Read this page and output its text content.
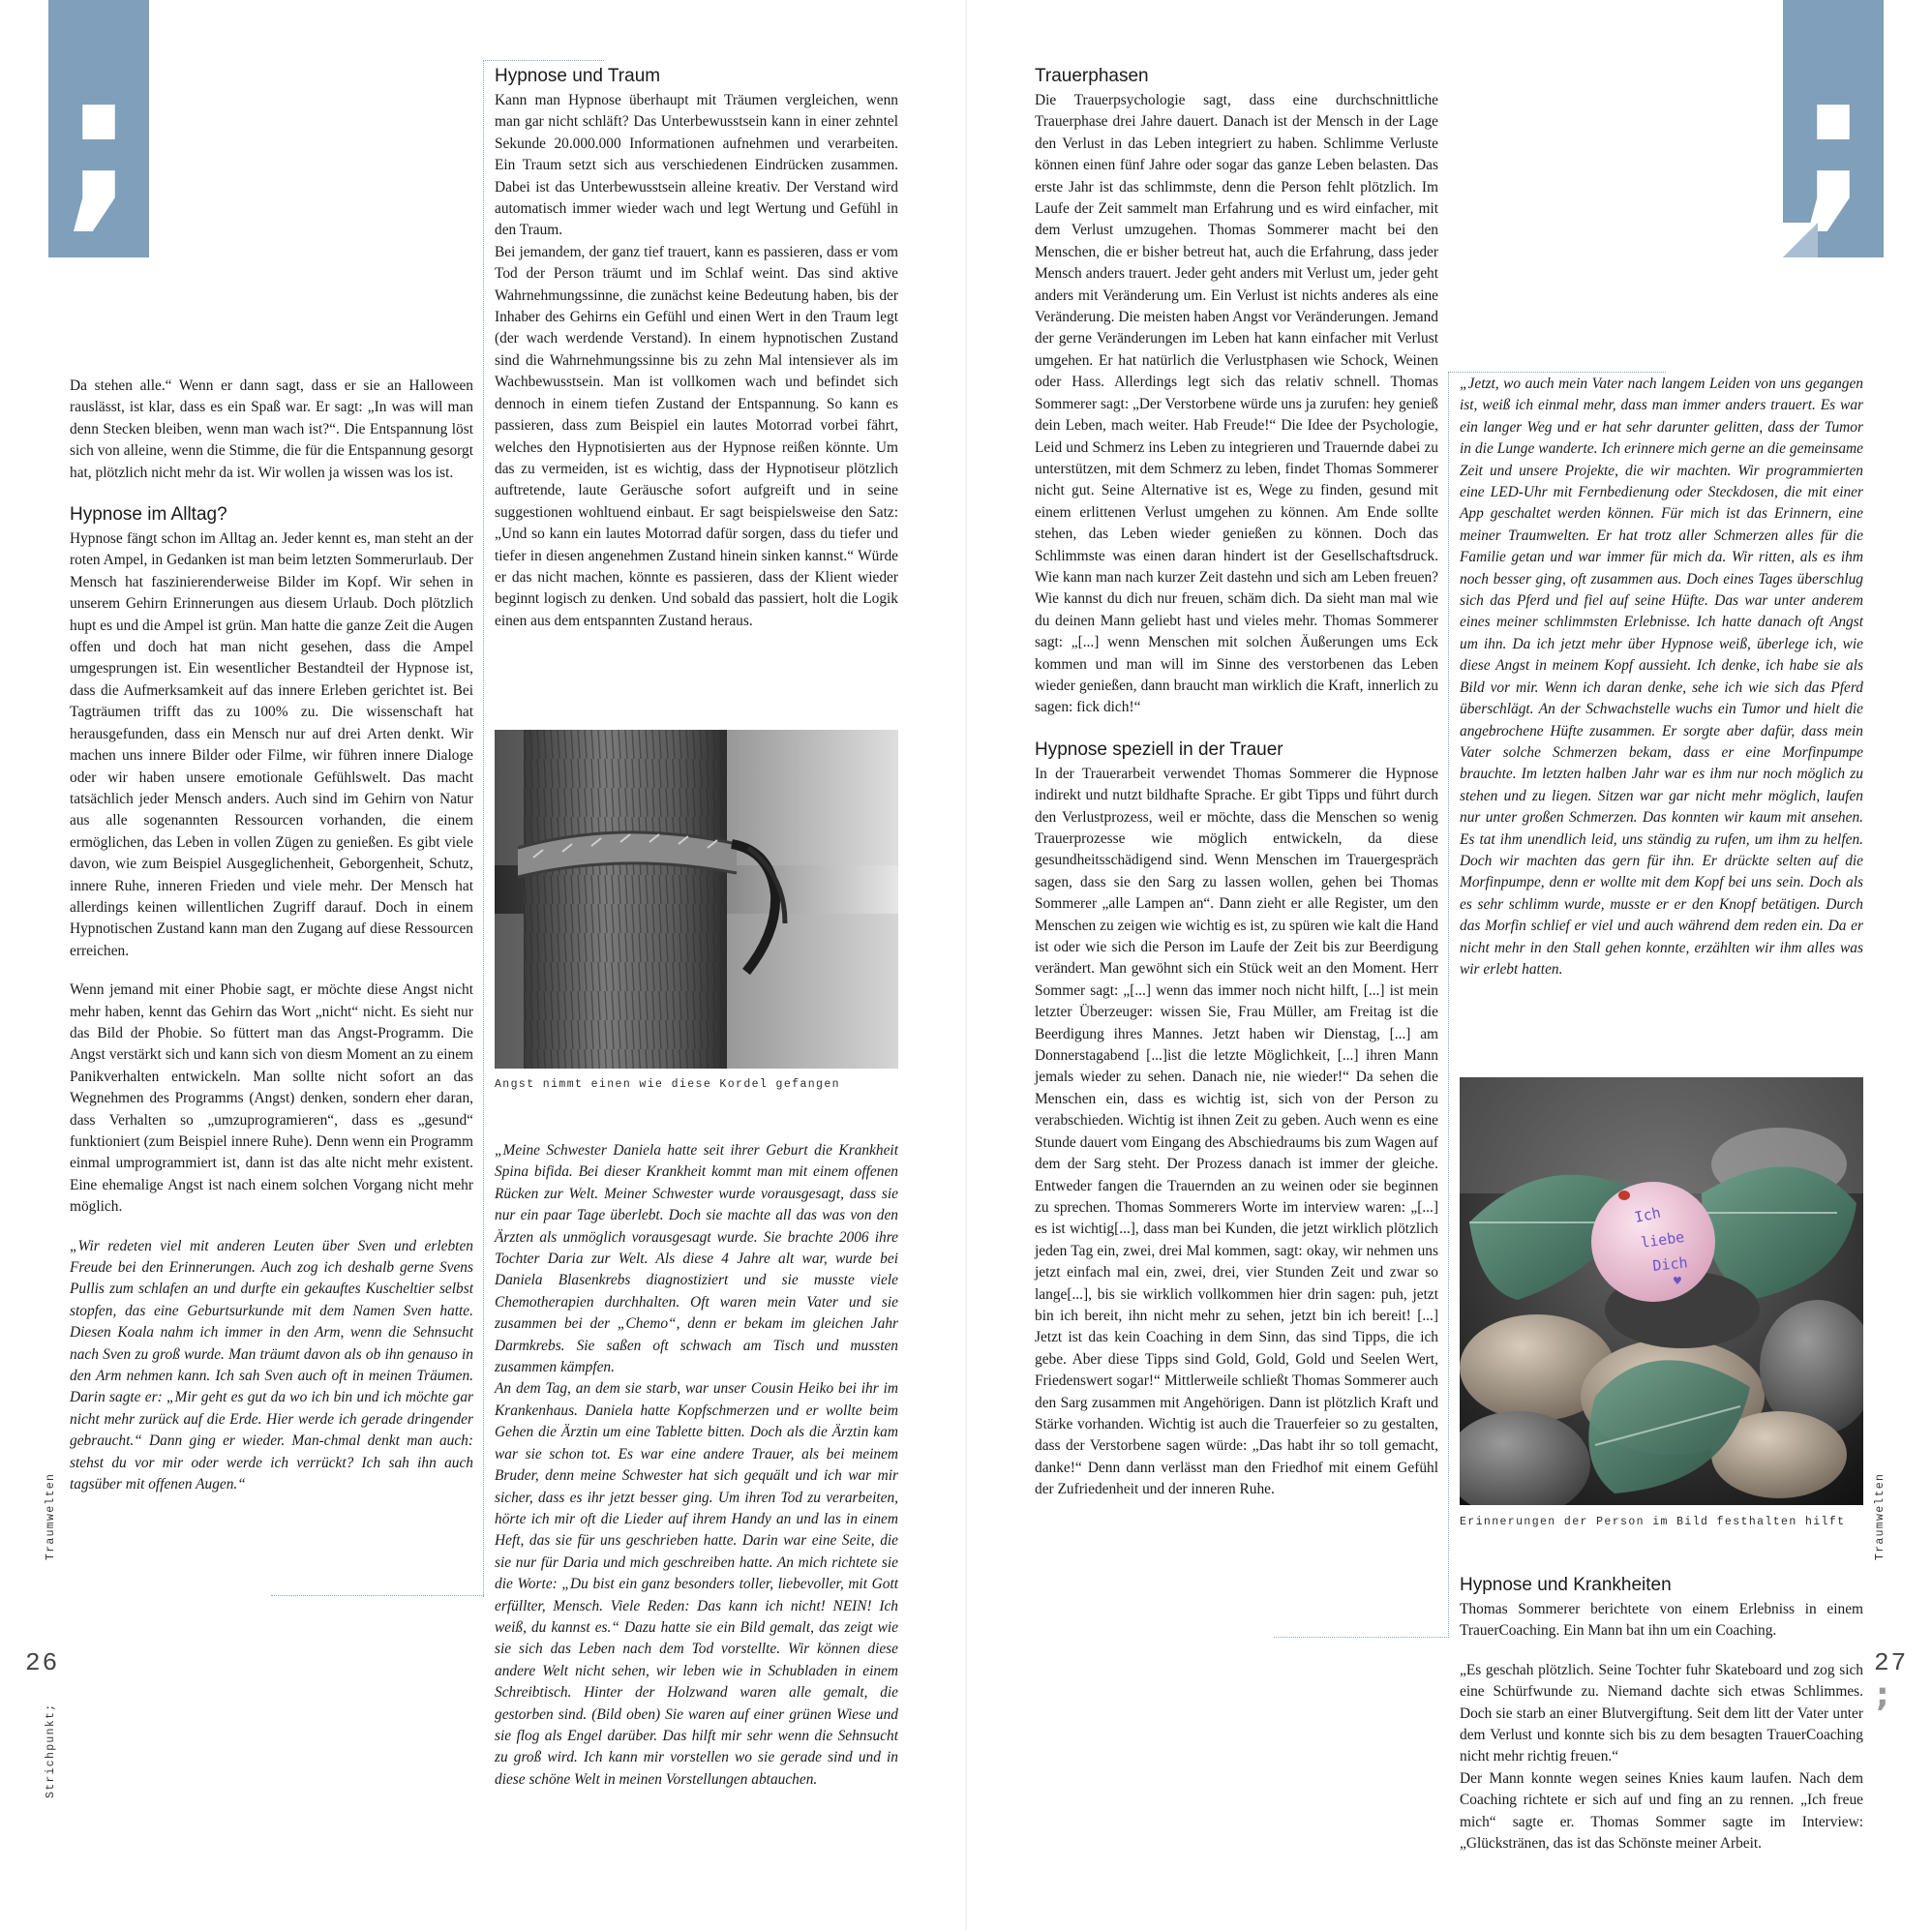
;

Da stehen alle.“ Wenn er dann sagt, dass er sie an Halloween rauslässt, ist klar, dass es ein Spaß war. Er sagt: „In was will man denn Stecken bleiben, wenn man wach ist?“. Die Entspannung löst sich von alleine, wenn die Stimme, die für die Entspannung gesorgt hat, plötzlich nicht mehr da ist. Wir wollen ja wissen was los ist.

Hypnose im Alltag?

Hypnose fängt schon im Alltag an. Jeder kennt es, man steht an der roten Ampel, in Gedanken ist man beim letzten Sommerurlaub. Der Mensch hat faszinierenderweise Bilder im Kopf. Wir sehen in unserem Gehirn Erinnerungen aus diesem Urlaub. Doch plötzlich hupt es und die Ampel ist grün. Man hatte die ganze Zeit die Augen offen und doch hat man nicht gesehen, dass die Ampel umgesprungen ist. Ein wesentlicher Bestandteil der Hypnose ist, dass die Aufmerksamkeit auf das innere Erleben gerichtet ist. Bei Tagträumen trifft das zu 100% zu. Die wissenschaft hat herausgefunden, dass ein Mensch nur auf drei Arten denkt. Wir machen uns innere Bilder oder Filme, wir führen innere Dialoge oder wir haben unsere emotionale Gefühlswelt. Das macht tatsächlich jeder Mensch anders. Auch sind im Gehirn von Natur aus alle sogenannten Ressourcen vorhanden, die einem ermöglichen, das Leben in vollen Zügen zu genießen. Es gibt viele davon, wie zum Beispiel Ausgeglichenheit, Geborgenheit, Schutz, innere Ruhe, inneren Frieden und viele mehr. Der Mensch hat allerdings keinen willentlichen Zugriff darauf. Doch in einem Hypnotischen Zustand kann man den Zugang auf diese Ressourcen erreichen.

Wenn jemand mit einer Phobie sagt, er möchte diese Angst nicht mehr haben, kennt das Gehirn das Wort „nicht“ nicht. Es sieht nur das Bild der Phobie. So füttert man das Angst-Programm. Die Angst verstärkt sich und kann sich von diesm Moment an zu einem Panikverhalten entwickeln. Man sollte nicht sofort an das Wegnehmen des Programms (Angst) denken, sondern eher daran, dass Verhalten so „umzuprogramieren“, dass es „gesund“ funktioniert (zum Beispiel innere Ruhe). Denn wenn ein Programm einmal umprogrammiert ist, dann ist das alte nicht mehr existent. Eine ehemalige Angst ist nach einem solchen Vorgang nicht mehr möglich.

„Wir redeten viel mit anderen Leuten über Sven und erlebten Freude bei den Erinnerungen. Auch zog ich deshalb gerne Svens Pullis zum schlafen an und durfte ein gekauftes Kuscheltier selbst stopfen, das eine Geburtsurkunde mit dem Namen Sven hatte. Diesen Koala nahm ich immer in den Arm, wenn die Sehnsucht nach Sven zu groß wurde. Man träumt davon als ob ihn genauso in den Arm nehmen kann. Ich sah Sven auch oft in meinen Träumen. Darin sagte er: „Mir geht es gut da wo ich bin und ich möchte gar nicht mehr zurück auf die Erde. Hier werde ich gerade dringender gebraucht.“ Dann ging er wieder. Man-chmal denkt man auch: stehst du vor mir oder werde ich verrückt? Ich sah ihn auch tagsüber mit offenen Augen.“

Hypnose und Traum

Kann man Hypnose überhaupt mit Träumen vergleichen, wenn man gar nicht schläft? Das Unterbewusstsein kann in einer zehntel Sekunde 20.000.000 Informationen aufnehmen und verarbeiten. Ein Traum setzt sich aus verschiedenen Eindrücken zusammen. Dabei ist das Unterbewusstsein alleine kreativ. Der Verstand wird automatisch immer wieder wach und legt Wertung und Gefühl in den Traum.

Bei jemandem, der ganz tief trauert, kann es passieren, dass er vom Tod der Person träumt und im Schlaf weint. Das sind aktive Wahrnehmungssinne, die zunächst keine Bedeutung haben, bis der Inhaber des Gehirns ein Gefühl und einen Wert in den Traum legt (der wach werdende Verstand). In einem hypnotischen Zustand sind die Wahrnehmungssinne bis zu zehn Mal intensiever als im Wachbewusstsein. Man ist vollkomen wach und befindet sich dennoch in einem tiefen Zustand der Entspannung. So kann es passieren, dass zum Beispiel ein lautes Motorrad vorbei fährt, welches den Hypnotisierten aus der Hypnose reißen könnte. Um das zu vermeiden, ist es wichtig, dass der Hypnotiseur plötzlich auftretende, laute Geräusche sofort aufgreift und in seine suggestionen wohltuend einbaut. Er sagt beispielsweise den Satz: „Und so kann ein lautes Motorrad dafür sorgen, dass du tiefer und tiefer in diesen angenehmen Zustand hinein sinken kannst.“ Würde er das nicht machen, könnte es passieren, dass der Klient wieder beginnt logisch zu denken. Und sobald das passiert, holt die Logik einen aus dem entspannten Zustand heraus.

Angst nimmt einen wie diese Kordel gefangen

„Meine Schwester Daniela hatte seit ihrer Geburt die Krankheit Spina bifida. Bei dieser Krankheit kommt man mit einem offenen Rücken zur Welt. Meiner Schwester wurde vorausgesagt, dass sie nur ein paar Tage überlebt. Doch sie machte all das was von den Ärzten als unmöglich vorausgesagt wurde. Sie brachte 2006 ihre Tochter Daria zur Welt. Als diese 4 Jahre alt war, wurde bei Daniela Blasenkrebs diagnostiziert und sie musste viele Chemotherapien durchhalten. Oft waren mein Vater und sie zusammen bei der „Chemo“, denn er bekam im gleichen Jahr Darmkrebs. Sie saßen oft schwach am Tisch und mussten zusammen kämpfen.

An dem Tag, an dem sie starb, war unser Cousin Heiko bei ihr im Krankenhaus. Daniela hatte Kopfschmerzen und er wollte beim Gehen die Ärztin um eine Tablette bitten. Doch als die Ärztin kam war sie schon tot. Es war eine andere Trauer, als bei meinem Bruder, denn meine Schwester hat sich gequält und ich war mir sicher, dass es ihr jetzt besser ging. Um ihren Tod zu verarbeiten, hörte ich mir oft die Lieder auf ihrem Handy an und las in einem Heft, das sie für uns geschrieben hatte. Darin war eine Seite, die sie nur für Daria und mich geschreiben hatte. An mich richtete sie die Worte: „Du bist ein ganz besonders toller, liebevoller, mit Gott erfüllter, Mensch. Viele Reden: Das kann ich nicht! NEIN! Ich weiß, du kannst es.“ Dazu hatte sie ein Bild gemalt, das zeigt wie sie sich das Leben nach dem Tod vorstellte. Wir können diese andere Welt nicht sehen, wir leben wie in Schubladen in einem Schreibtisch. Hinter der Holzwand waren alle gemalt, die gestorben sind. (Bild oben) Sie waren auf einer grünen Wiese und sie flog als Engel darüber. Das hilft mir sehr wenn die Sehnsucht zu groß wird. Ich kann mir vorstellen wo sie gerade sind und in diese schöne Welt in meinen Vorstellungen abtauchen.

26
Traumwelten
Strichpunkt;
;
Trauerphasen

Die Trauerpsychologie sagt, dass eine durchschnittliche Trauerphase drei Jahre dauert. Danach ist der Mensch in der Lage den Verlust in das Leben integriert zu haben. Schlimme Verluste können einen fünf Jahre oder sogar das ganze Leben belasten. Das erste Jahr ist das schlimmste, denn die Person fehlt plötzlich. Im Laufe der Zeit sammelt man Erfahrung und es wird einfacher, mit dem Verlust umzugehen. Thomas Sommerer macht bei den Menschen, die er bisher betreut hat, auch die Erfahrung, dass jeder Mensch anders trauert. Jeder geht anders mit Verlust um, jeder geht anders mit Veränderung um. Ein Verlust ist nichts anderes als eine Veränderung. Die meisten haben Angst vor Veränderungen. Jemand der gerne Veränderungen im Leben hat kann einfacher mit Verlust umgehen. Er hat natürlich die Verlustphasen wie Schock, Weinen oder Hass. Allerdings legt sich das relativ schnell. Thomas Sommerer sagt: „Der Verstorbene würde uns ja zurufen: hey genieß dein Leben, mach weiter. Hab Freude!“ Die Idee der Psychologie, Leid und Schmerz ins Leben zu integrieren und Trauernde dabei zu unterstützen, mit dem Schmerz zu leben, findet Thomas Sommerer nicht gut. Seine Alternative ist es, Wege zu finden, gesund mit einem erlittenen Verlust umgehen zu können. Am Ende sollte stehen, das Leben wieder genießen zu können. Doch das Schlimmste was einen daran hindert ist der Gesellschaftsdruck. Wie kann man nach kurzer Zeit dastehn und sich am Leben freuen? Wie kannst du dich nur freuen, schäm dich. Da sieht man mal wie du deinen Mann geliebt hast und vieles mehr. Thomas Sommerer sagt: „[...] wenn Menschen mit solchen Äußerungen ums Eck kommen und man will im Sinne des verstorbenen das Leben wieder genießen, dann braucht man wirklich die Kraft, innerlich zu sagen: fick dich!“

Hypnose speziell in der Trauer

In der Trauerarbeit verwendet Thomas Sommerer die Hypnose indirekt und nutzt bildhafte Sprache. Er gibt Tipps und führt durch den Verlustprozess, weil er möchte, dass die Menschen so wenig Trauerprozesse wie möglich entwickeln, da diese gesundheitsschädigend sind. Wenn Menschen im Trauergespräch sagen, dass sie den Sarg zu lassen wollen, gehen bei Thomas Sommerer „alle Lampen an“. Dann zieht er alle Register, um den Menschen zu zeigen wie wichtig es ist, zu spüren wie kalt die Hand ist oder wie sich die Person im Laufe der Zeit bis zur Beerdigung verändert. Man gewöhnt sich ein Stück weit an den Moment. Herr Sommer sagt: „[...] wenn das immer noch nicht hilft, [...] ist mein letzter Überzeuger: wissen Sie, Frau Müller, am Freitag ist die Beerdigung ihres Mannes. Jetzt haben wir Dienstag, [...] am Donnerstagabend [...]ist die letzte Möglichkeit, [...] ihren Mann jemals wieder zu sehen. Danach nie, nie wieder!“ Da sehen die Menschen ein, dass es wichtig ist, sich von der Person zu verabschieden. Wichtig ist ihnen Zeit zu geben. Auch wenn es eine Stunde dauert vom Eingang des Abschiedraums bis zum Wagen auf dem der Sarg steht. Der Prozess danach ist immer der gleiche. Entweder fangen die Trauernden an zu weinen oder sie beginnen zu sprechen. Thomas Sommerers Worte im interview waren: „[...] es ist wichtig[...], dass man bei Kunden, die jetzt wirklich plötzlich jeden Tag ein, zwei, drei Mal kommen, sagt: okay, wir nehmen uns jetzt einfach mal ein, zwei, drei, vier Stunden Zeit und zwar so lange[...], bis sie wirklich vollkommen hier drin sagen: puh, jetzt bin ich bereit, ihn nicht mehr zu sehen, jetzt bin ich bereit! [...] Jetzt ist das kein Coaching in dem Sinn, das sind Tipps, die ich gebe. Aber diese Tipps sind Gold, Gold, Gold und Seelen Wert, Friedenswert sogar!“ Mittlerweile schließt Thomas Sommerer auch den Sarg zusammen mit Angehörigen. Dann ist plötzlich Kraft und Stärke vorhanden. Wichtig ist auch die Trauerfeier so zu gestalten, dass der Verstorbene sagen würde: „Das habt ihr so toll gemacht, danke!“ Denn dann verlässt man den Friedhof mit einem Gefühl der Zufriedenheit und der inneren Ruhe.

„Jetzt, wo auch mein Vater nach langem Leiden von uns gegangen ist, weiß ich einmal mehr, dass man immer anders trauert. Es war ein langer Weg und er hat sehr darunter gelitten, dass der Tumor in die Lunge wanderte. Ich erinnere mich gerne an die gemeinsame Zeit und unsere Projekte, die wir machten. Wir programmierten eine LED-Uhr mit Fernbedienung oder Steckdosen, die mit einer App geschaltet werden können. Für mich ist das Erinnern, eine meiner Traumwelten. Er hat trotz aller Schmerzen alles für die Familie getan und war immer für mich da. Wir ritten, als es ihm noch besser ging, oft zusammen aus. Doch eines Tages überschlug sich das Pferd und fiel auf seine Hüfte. Das war unter anderem eines meiner schlimmsten Erlebnisse. Ich hatte danach oft Angst um ihn. Da ich jetzt mehr über Hypnose weiß, überlege ich, wie diese Angst in meinem Kopf aussieht. Ich denke, ich habe sie als Bild vor mir. Wenn ich daran denke, sehe ich wie sich das Pferd überschlägt. An der Schwachstelle wuchs ein Tumor und hielt die angebrochene Hüfte zusammen. Er sorgte aber dafür, dass mein Vater solche Schmerzen bekam, dass er eine Morfinpumpe brauchte. Im letzten halben Jahr war es ihm nur noch möglich zu stehen und zu liegen. Sitzen war gar nicht mehr möglich, laufen nur unter großen Schmerzen. Das konnten wir kaum mit ansehen. Es tat ihm unendlich leid, uns ständig zu rufen, um ihm zu helfen. Doch wir machten das gern für ihn. Er drückte selten auf die Morfinpumpe, denn er wollte mit dem Kopf bei uns sein. Doch als es sehr schlimm wurde, musste er er den Knopf betätigen. Durch das Morfin schlief er viel und auch während dem reden ein. Da er nicht mehr in den Stall gehen konnte, erzählten wir ihm alles was wir erlebt hatten.

Ich
liebe
Dich
♥
Erinnerungen der Person im Bild festhalten hilft
Hypnose und Krankheiten

Thomas Sommerer berichtete von einem Erlebniss in einem TrauerCoaching. Ein Mann bat ihn um ein Coaching.

„Es geschah plötzlich. Seine Tochter fuhr Skateboard und zog sich eine Schürfwunde zu. Niemand dachte sich etwas Schlimmes. Doch sie starb an einer Blutvergiftung. Seit dem litt der Vater unter dem Verlust und konnte sich bis zu dem besagten TrauerCoaching nicht mehr richtig freuen.“

Der Mann konnte wegen seines Knies kaum laufen. Nach dem Coaching richtete er sich auf und fing an zu rennen. „Ich freue mich“ sagte er. Thomas Sommer sagte im Interview: „Glückstränen, das ist das Schönste meiner Arbeit.

27
;
Traumwelten
